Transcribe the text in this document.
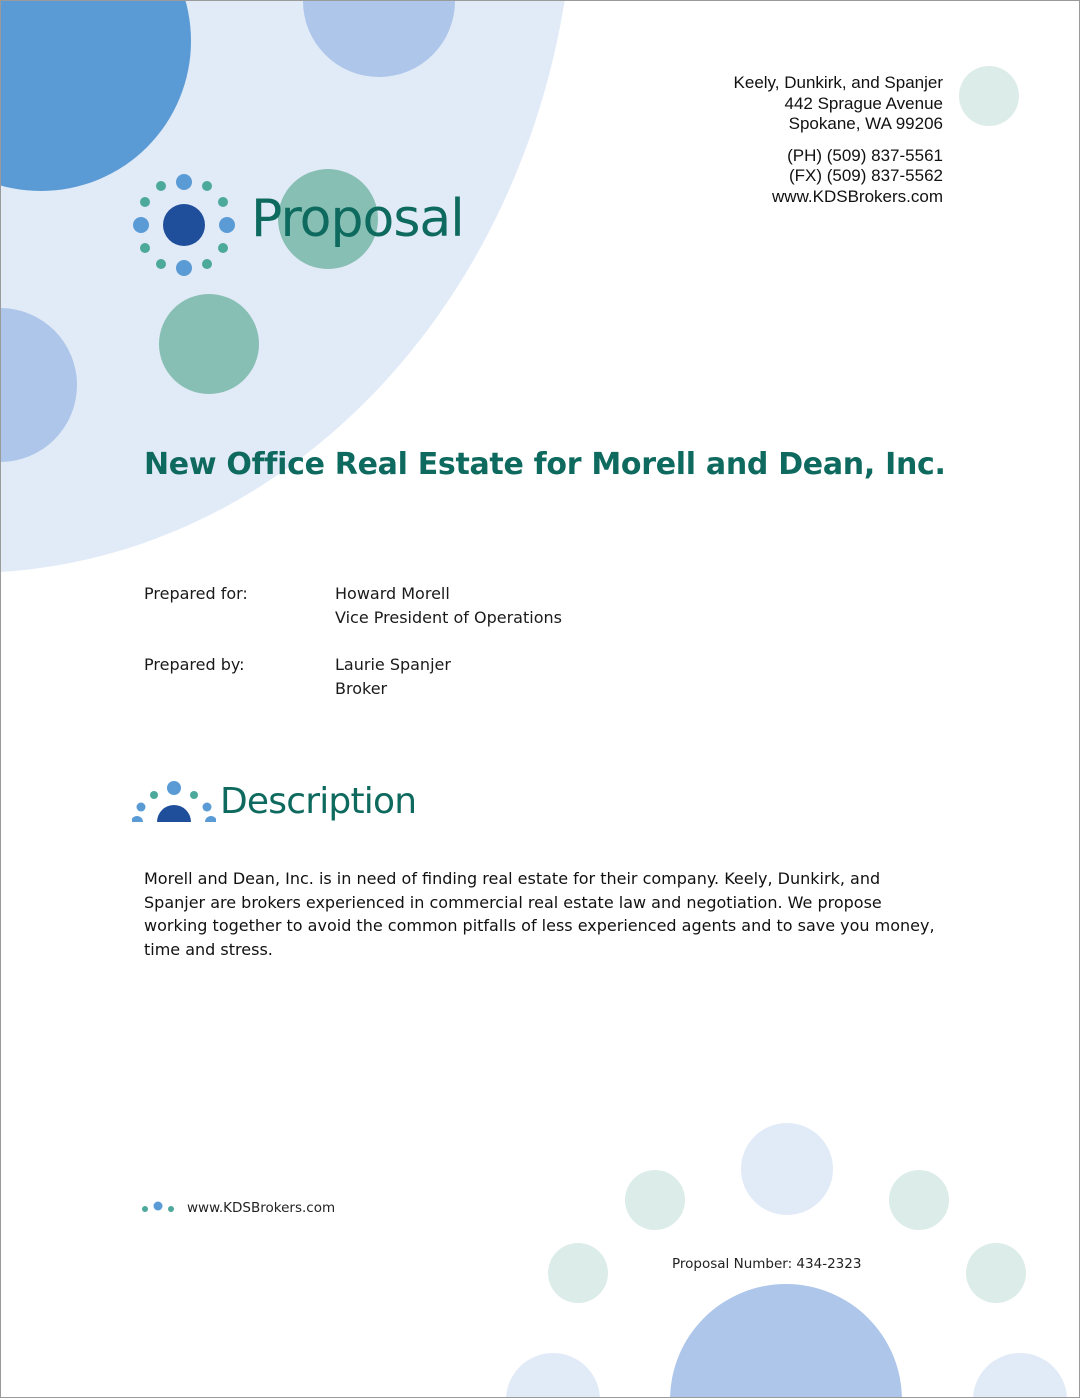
Keely, Dunkirk, and Spanjer
442 Sprague Avenue
Spokane, WA 99206
(PH) (509) 837-5561
(FX) (509) 837-5562
www.KDSBrokers.com
Proposal
New Office Real Estate for Morell and Dean, Inc.
Prepared for:	Howard Morell
Vice President of Operations
Prepared by:	Laurie Spanjer
Broker
Description

Morell and Dean, Inc. is in need of finding real estate for their company. Keely, Dunkirk, and Spanjer are brokers experienced in commercial real estate law and negotiation. We propose working together to avoid the common pitfalls of less experienced agents and to save you money, time and stress.

www.KDSBrokers.com
Proposal Number: 434-2323
